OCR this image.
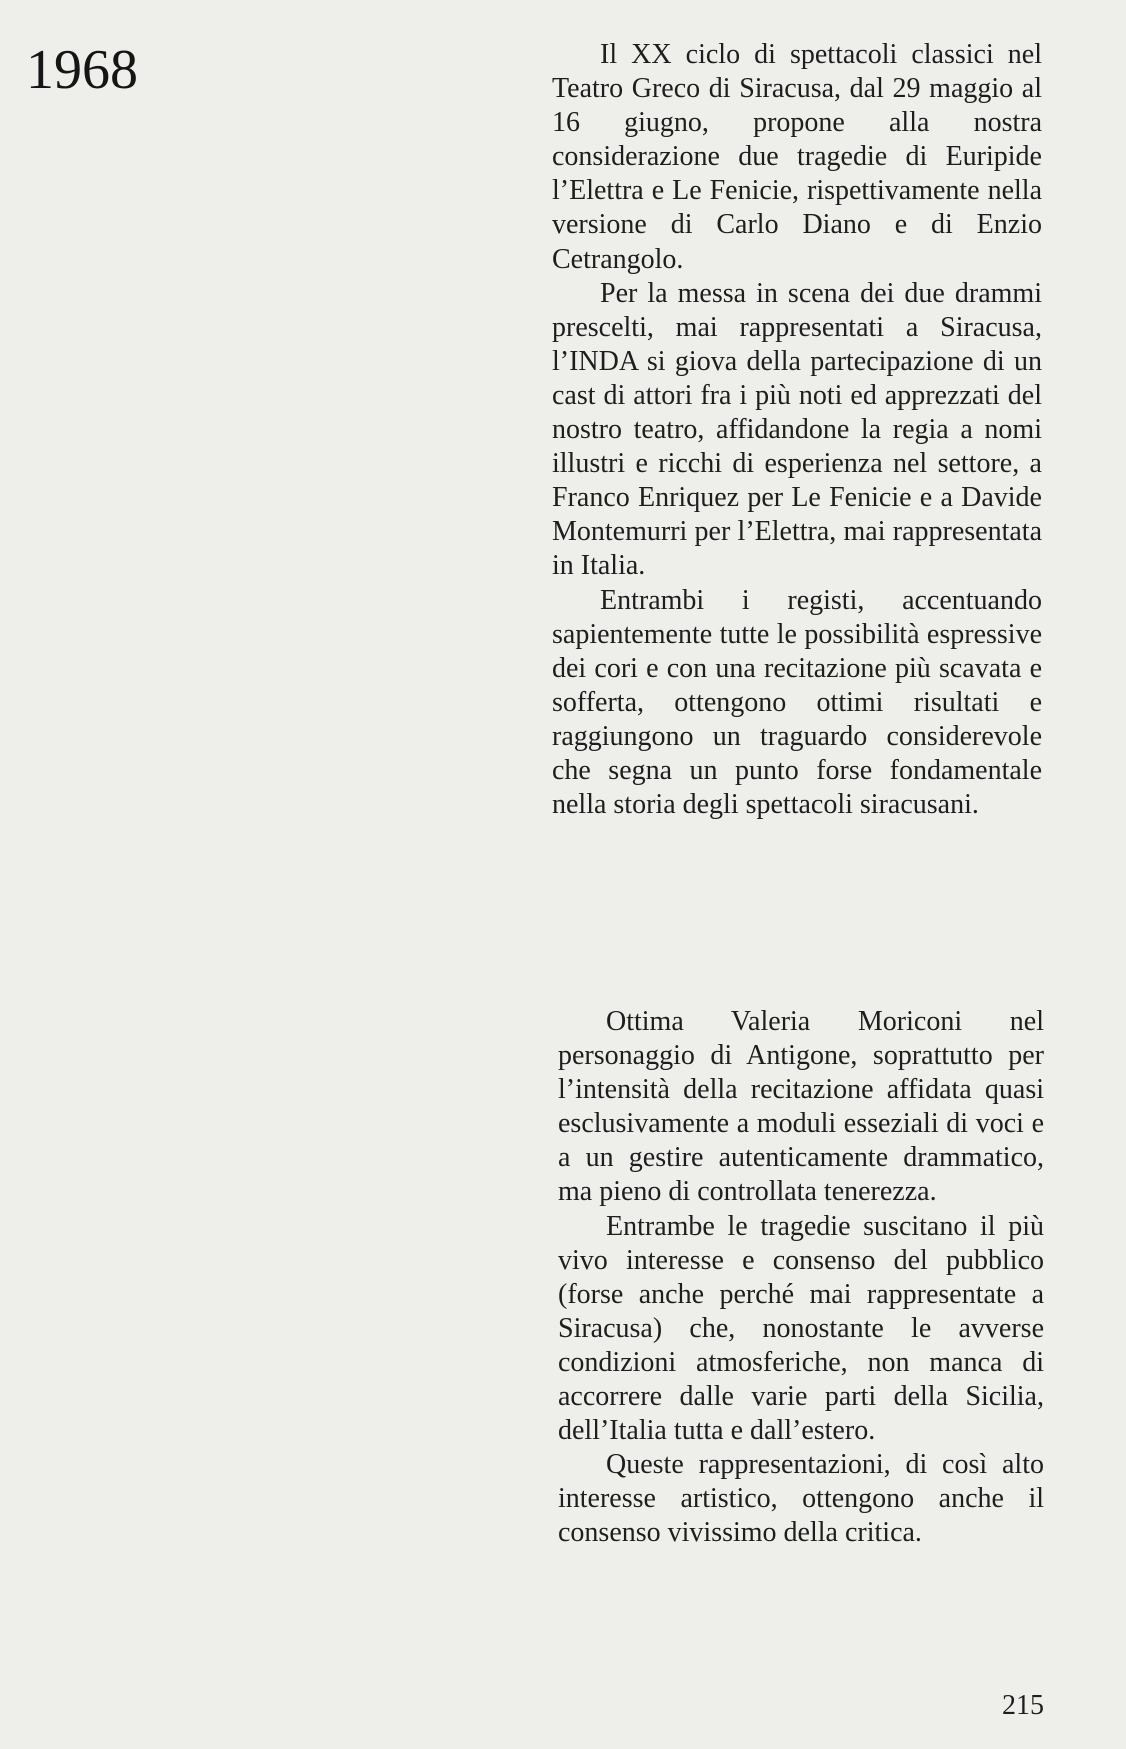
1968	Il XX ciclo di spettacoli classici nel Teatro Greco di Siracusa, dal 29 maggio al 16 giugno, propone alla nostra considerazione due tragedie di Euripide l’Elettra e Le Fenicie, rispettivamente nella versione di Carlo Diano e di Enzio Cetrangolo.

Per la messa in scena dei due drammi prescelti, mai rappresentati a Siracusa, l’INDA si giova della partecipazione di un cast di attori fra i più noti ed apprezzati del nostro teatro, affidandone la regia a nomi illustri e ricchi di esperienza nel settore, a Franco Enriquez per Le Fenicie e a Davide Montemurri per l’Elettra, mai rappresentata in Italia.

Entrambi i registi, accentuando sapientemente tutte le possibilità espressive dei cori e con una recitazione più scavata e sofferta, ottengono ottimi risultati e raggiungono un traguardo considerevole che segna un punto forse fondamentale nella storia degli spettacoli siracusani.

Ottima Valeria Moriconi nel personaggio di Antigone, soprattutto per l’intensità della recitazione affidata quasi esclusivamente a moduli esseziali di voci e a un gestire autenticamente drammatico, ma pieno di controllata tenerezza.

Entrambe le tragedie suscitano il più vivo interesse e consenso del pubblico (forse anche perché mai rappresentate a Siracusa) che, nonostante le avverse condizioni atmosferiche, non manca di accorrere dalle varie parti della Sicilia, dell’Italia tutta e dall’estero.

Queste rappresentazioni, di così alto interesse artistico, ottengono anche il consenso vivissimo della critica.

215
